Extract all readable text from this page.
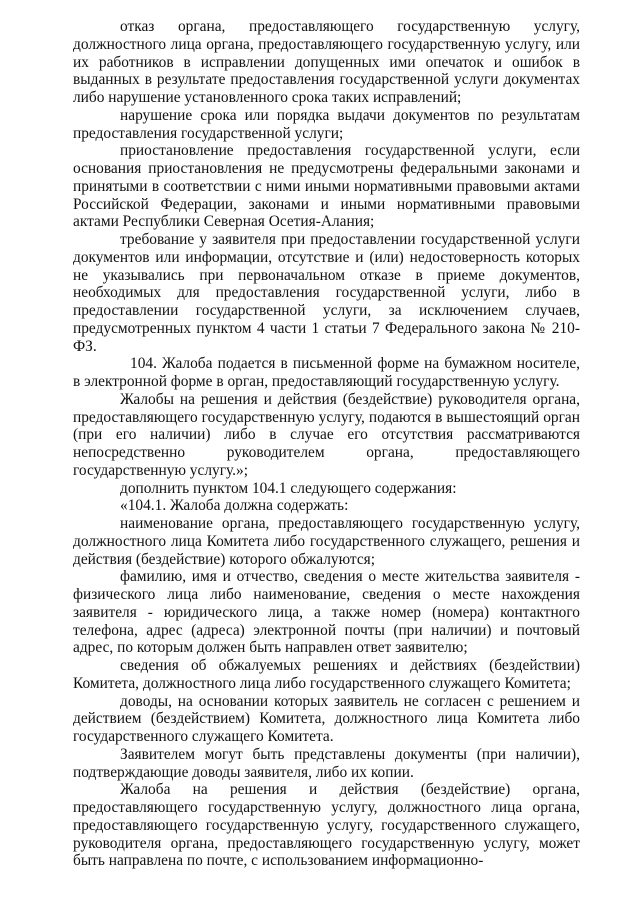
отказ органа, предоставляющего государственную услугу, должностного лица органа, предоставляющего государственную услугу, или их работников в исправлении допущенных ими опечаток и ошибок в выданных в результате предоставления государственной услуги документах либо нарушение установленного срока таких исправлений;

нарушение срока или порядка выдачи документов по результатам предоставления государственной услуги;

приостановление предоставления государственной услуги, если основания приостановления не предусмотрены федеральными законами и принятыми в соответствии с ними иными нормативными правовыми актами Российской Федерации, законами и иными нормативными правовыми актами Республики Северная Осетия-Алания;

требование у заявителя при предоставлении государственной услуги документов или информации, отсутствие и (или) недостоверность которых не указывались при первоначальном отказе в приеме документов, необходимых для предоставления государственной услуги, либо в предоставлении государственной услуги, за исключением случаев, предусмотренных пунктом 4 части 1 статьи 7 Федерального закона № 210-ФЗ.

104. Жалоба подается в письменной форме на бумажном носителе, в электронной форме в орган, предоставляющий государственную услугу.

Жалобы на решения и действия (бездействие) руководителя органа, предоставляющего государственную услугу, подаются в вышестоящий орган (при его наличии) либо в случае его отсутствия рассматриваются непосредственно руководителем органа, предоставляющего государственную услугу.»;

дополнить пунктом 104.1 следующего содержания:

«104.1. Жалоба должна содержать:

наименование органа, предоставляющего государственную услугу, должностного лица Комитета либо государственного служащего, решения и действия (бездействие) которого обжалуются;

фамилию, имя и отчество, сведения о месте жительства заявителя - физического лица либо наименование, сведения о месте нахождения заявителя - юридического лица, а также номер (номера) контактного телефона, адрес (адреса) электронной почты (при наличии) и почтовый адрес, по которым должен быть направлен ответ заявителю;

сведения об обжалуемых решениях и действиях (бездействии) Комитета, должностного лица либо государственного служащего Комитета;

доводы, на основании которых заявитель не согласен с решением и действием (бездействием) Комитета, должностного лица Комитета либо государственного служащего Комитета.

Заявителем могут быть представлены документы (при наличии), подтверждающие доводы заявителя, либо их копии.

Жалоба на решения и действия (бездействие) органа, предоставляющего государственную услугу, должностного лица органа, предоставляющего государственную услугу, государственного служащего, руководителя органа, предоставляющего государственную услугу, может быть направлена по почте, с использованием информационно-
